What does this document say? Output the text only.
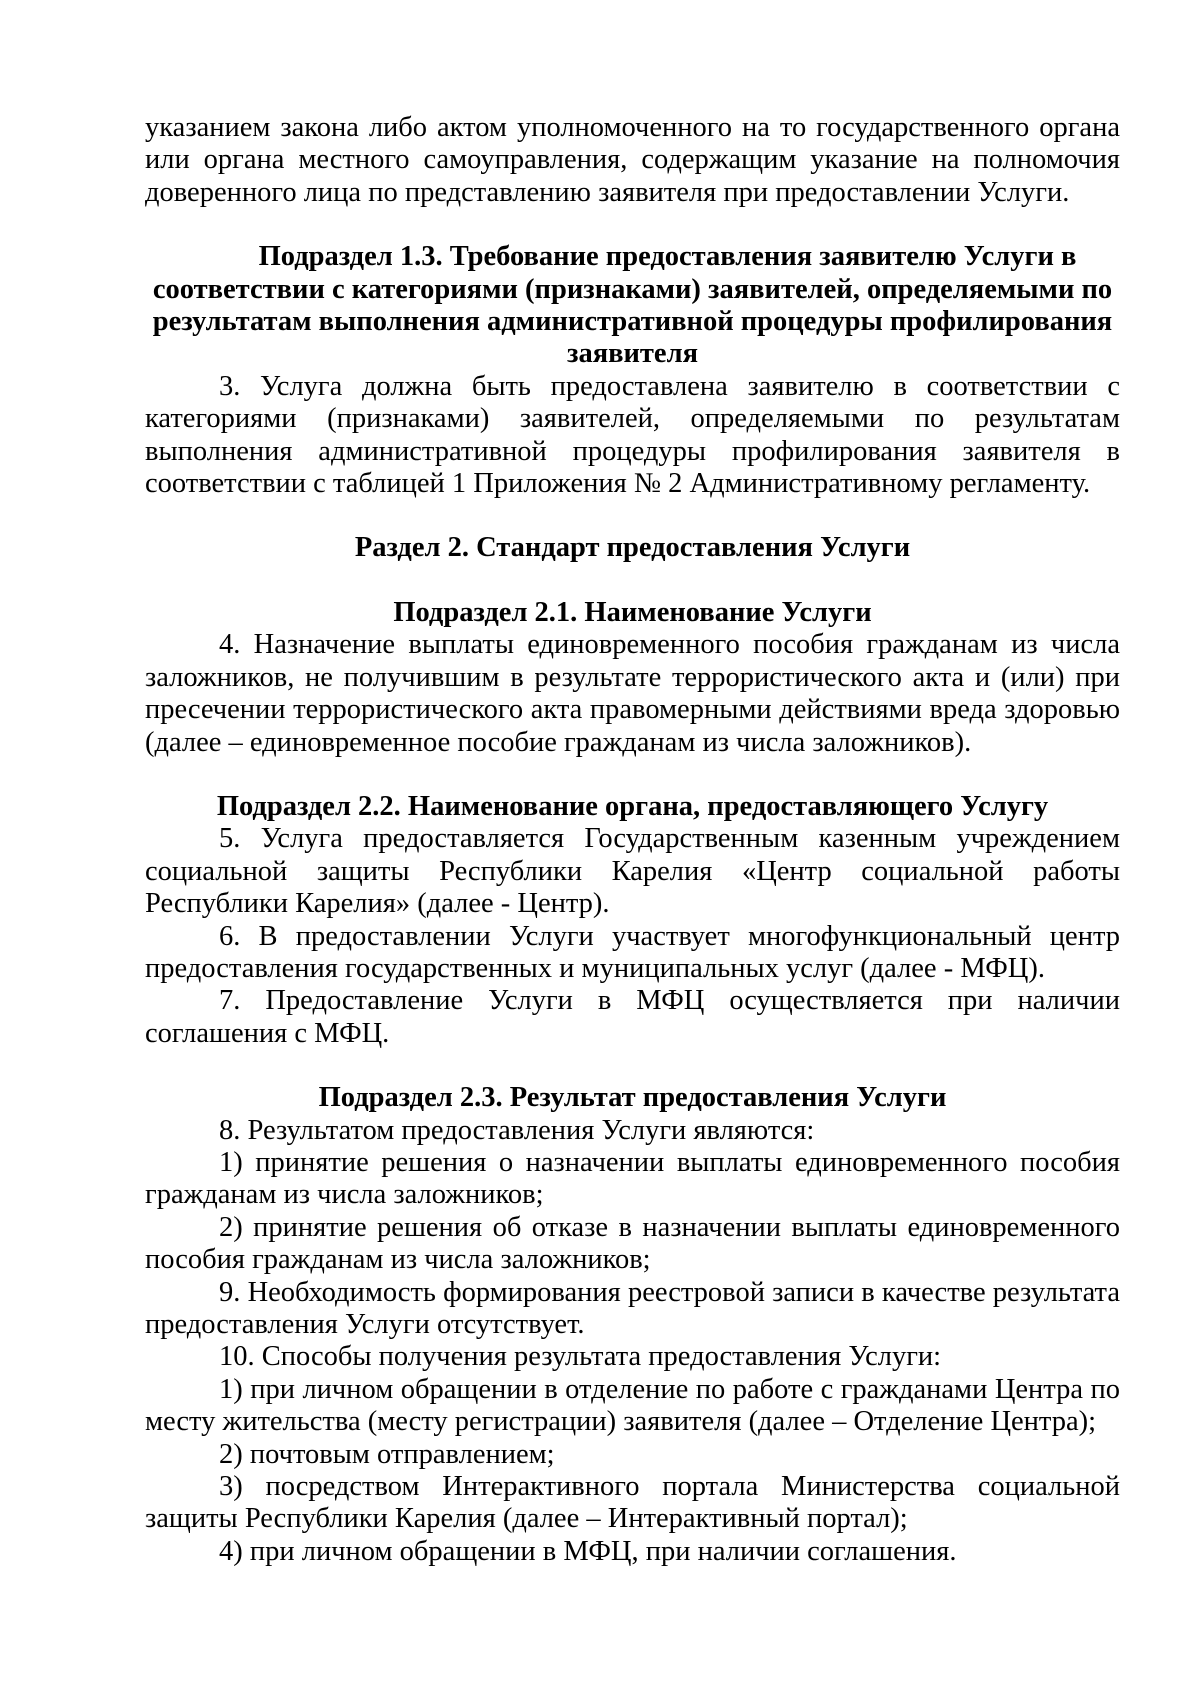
указанием закона либо актом уполномоченного на то государственного органа или органа местного самоуправления, содержащим указание на полномочия доверенного лица по представлению заявителя при предоставлении Услуги.

Подраздел 1.3. Требование предоставления заявителю Услуги в соответствии с категориями (признаками) заявителей, определяемыми по результатам выполнения административной процедуры профилирования заявителя

3. Услуга должна быть предоставлена заявителю в соответствии с категориями (признаками) заявителей, определяемыми по результатам выполнения административной процедуры профилирования заявителя в соответствии с таблицей 1 Приложения № 2 Административному регламенту.

Раздел 2. Стандарт предоставления Услуги
Подраздел 2.1. Наименование Услуги

4. Назначение выплаты единовременного пособия гражданам из числа заложников, не получившим в результате террористического акта и (или) при пресечении террористического акта правомерными действиями вреда здоровью (далее – единовременное пособие гражданам из числа заложников).

Подраздел 2.2. Наименование органа, предоставляющего Услугу

5. Услуга предоставляется Государственным казенным учреждением социальной защиты Республики Карелия «Центр социальной работы Республики Карелия» (далее - Центр).

6. В предоставлении Услуги участвует многофункциональный центр предоставления государственных и муниципальных услуг (далее - МФЦ).

7. Предоставление Услуги в МФЦ осуществляется при наличии соглашения с МФЦ.

Подраздел 2.3. Результат предоставления Услуги

8. Результатом предоставления Услуги являются:

1) принятие решения о назначении выплаты единовременного пособия гражданам из числа заложников;

2) принятие решения об отказе в назначении выплаты единовременного пособия гражданам из числа заложников;

9. Необходимость формирования реестровой записи в качестве результата предоставления Услуги отсутствует.

10. Способы получения результата предоставления Услуги:

1) при личном обращении в отделение по работе с гражданами Центра по месту жительства (месту регистрации) заявителя (далее – Отделение Центра);

2) почтовым отправлением;

3) посредством Интерактивного портала Министерства социальной защиты Республики Карелия (далее – Интерактивный портал);

4) при личном обращении в МФЦ, при наличии соглашения.
